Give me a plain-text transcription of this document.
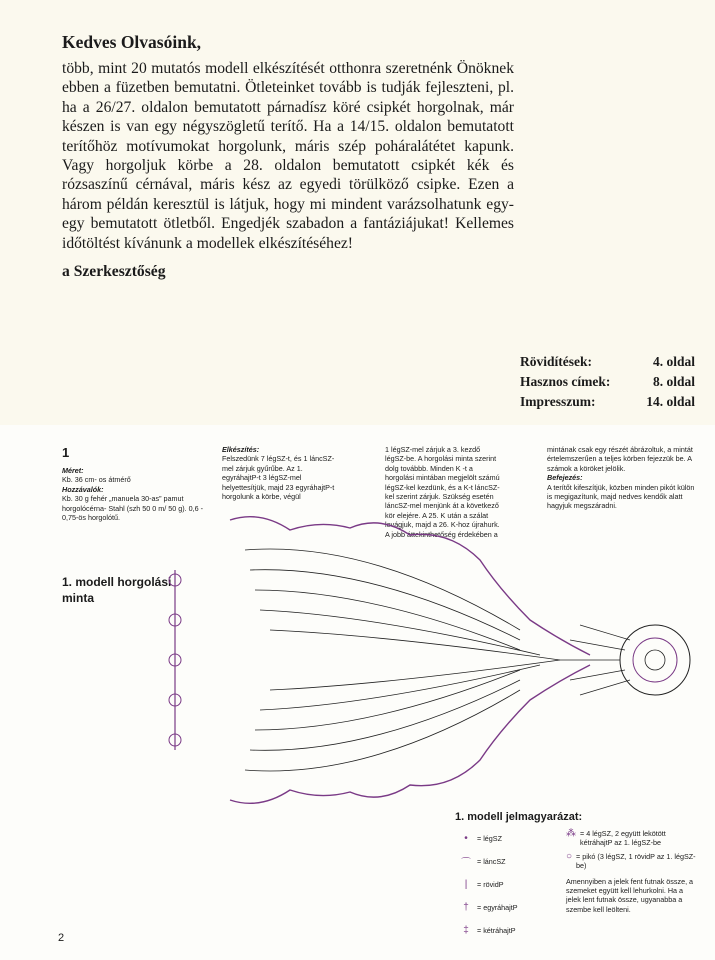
Kedves Olvasóink,

több, mint 20 mutatós modell elkészítését otthonra szeretnénk Önöknek ebben a füzetben bemutatni. Ötleteinket tovább is tudják fejleszteni, pl. ha a 26/27. oldalon bemutatott párnadísz köré csipkét horgolnak, már készen is van egy négyszögletű terítő. Ha a 14/15. oldalon bemutatott terítőhöz motívumokat horgolunk, máris szép poháralátétet kapunk. Vagy horgoljuk körbe a 28. oldalon bemutatott csipkét kék és rózsaszínű cérnával, máris kész az egyedi törülköző csipke. Ezen a három példán keresztül is látjuk, hogy mi mindent varázsolhatunk egy-egy bemutatott ötletből. Engedjék szabadon a fantáziájukat! Kellemes időtöltést kívánunk a modellek elkészítéséhez!

a Szerkesztőség

Rövidítések:	4. oldal
Hasznos címek:	8. oldal
Impresszum:	14. oldal
1
Méret:
Kb. 36 cm- os átmérő
Hozzávalók:
Kb. 30 g fehér „manuela 30-as” pamut horgolócérna- Stahl (szh 50 0 m/ 50 g). 0,6 - 0,75-ös horgolótű.
Elkészítés:
Felszedünk 7 légSZ-t, és 1 láncSZ-mel zárjuk gyűrűbe. Az 1. egyráhajtP-t 3 légSZ-mel helyettesítjük, majd 23 egyráhajtP-t horgolunk a körbe, végül
1 légSZ-mel zárjuk a 3. kezdő légSZ-be. A horgolási minta szerint dolg továbbb. Minden K -t a horgolási mintában megjelölt számú légSZ-kel kezdünk, és a K-t láncSZ-kel szerint zárjuk. Szükség esetén láncSZ-mel menjünk át a következő kör elejére. A 25. K után a szálat levágjuk, majd a 26. K-hoz újrahurk. A jobb áttekinthetőség érdekében a
mintának csak egy részét ábrázoltuk, a mintát értelemszerűen a teljes körben fejezzük be. A számok a köröket jelölik.
Befejezés:
A terítőt kifeszítjük, közben minden pikót külön is megigazítunk, majd nedves kendők alatt hagyjuk megszáradni.
1. modell horgolási minta
1. modell jelmagyarázat:
•	= légSZ
⌒ = láncSZ
|	= rövidP
†	= egyráhajtP
‡	= kétráhajtP
⁂ = 4 légSZ, 2 együtt lekötött kétráhajtP az 1. légSZ-be
○ = pikó (3 légSZ, 1 rövidP az 1. légSZ-be)
Amennyiben a jelek fent futnak össze, a szemeket együtt kell lehurkolni. Ha a jelek lent futnak össze, ugyanabba a szembe kell leölteni.
2
